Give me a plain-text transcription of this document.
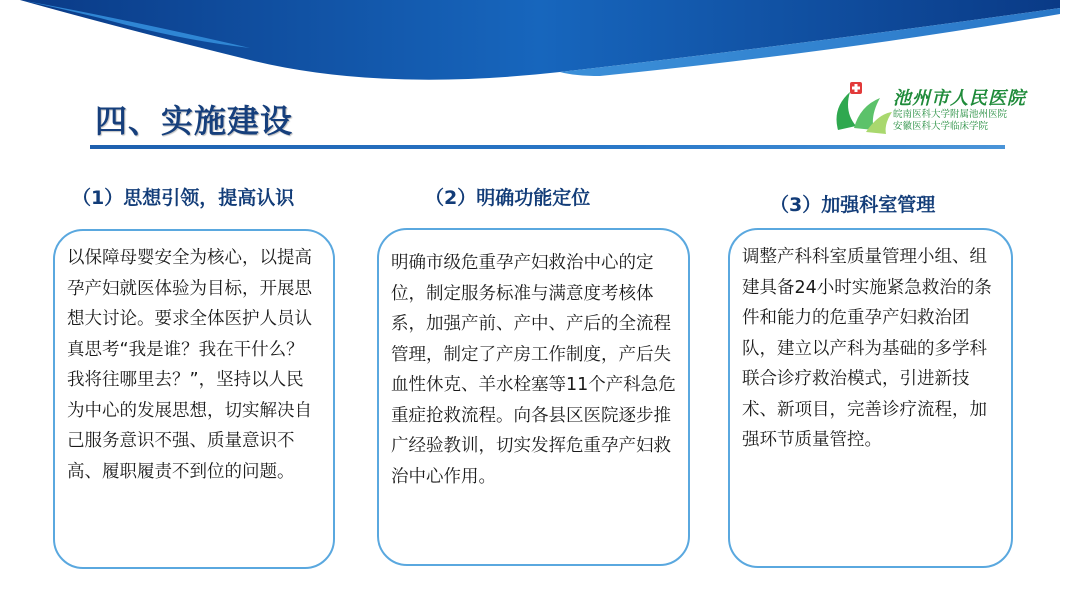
池州市人民医院
皖南医科大学附属池州医院
安徽医科大学临床学院
四、实施建设
（1）思想引领，提高认识

以保障母婴安全为核心，以提高孕产妇就医体验为目标，开展思想大讨论。要求全体医护人员认真思考“我是谁？我在干什么？我将往哪里去？”，坚持以人民为中心的发展思想，切实解决自己服务意识不强、质量意识不高、履职履责不到位的问题。

（2）明确功能定位

明确市级危重孕产妇救治中心的定位，制定服务标准与满意度考核体系，加强产前、产中、产后的全流程管理，制定了产房工作制度，产后失血性休克、羊水栓塞等11个产科急危重症抢救流程。向各县区医院逐步推广经验教训，切实发挥危重孕产妇救治中心作用。

（3）加强科室管理

调整产科科室质量管理小组、组建具备24小时实施紧急救治的条件和能力的危重孕产妇救治团队，建立以产科为基础的多学科联合诊疗救治模式，引进新技术、新项目，完善诊疗流程，加强环节质量管控。
